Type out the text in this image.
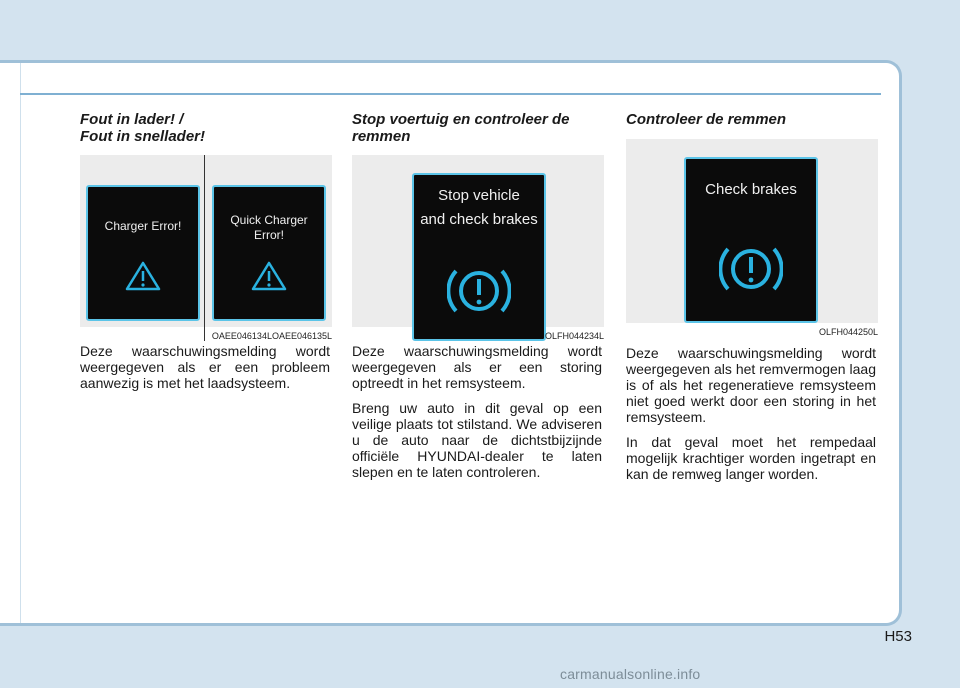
Fout in lader! /
Fout in snellader!
Charger Error!	Quick Charger
Error!
OAEE046134L OAEE046135L

Deze waarschuwingsmelding wordt weergegeven als er een probleem aanwezig is met het laadsysteem.

Stop voertuig en controleer de
remmen
Stop vehicle
and check brakes
OLFH044234L

Deze waarschuwingsmelding wordt weergegeven als er een storing optreedt in het remsysteem.

Breng uw auto in dit geval op een veilige plaats tot stilstand. We adviseren u de auto naar de dichtstbijzijnde officiële HYUNDAI-dealer te laten slepen en te laten controleren.

Controleer de remmen
Check brakes
OLFH044250L

Deze waarschuwingsmelding wordt weergegeven als het remvermogen laag is of als het regeneratieve remsysteem niet goed werkt door een storing in het remsysteem.

In dat geval moet het rempedaal mogelijk krachtiger worden ingetrapt en kan de remweg langer worden.

H53
carmanualsonline.info
